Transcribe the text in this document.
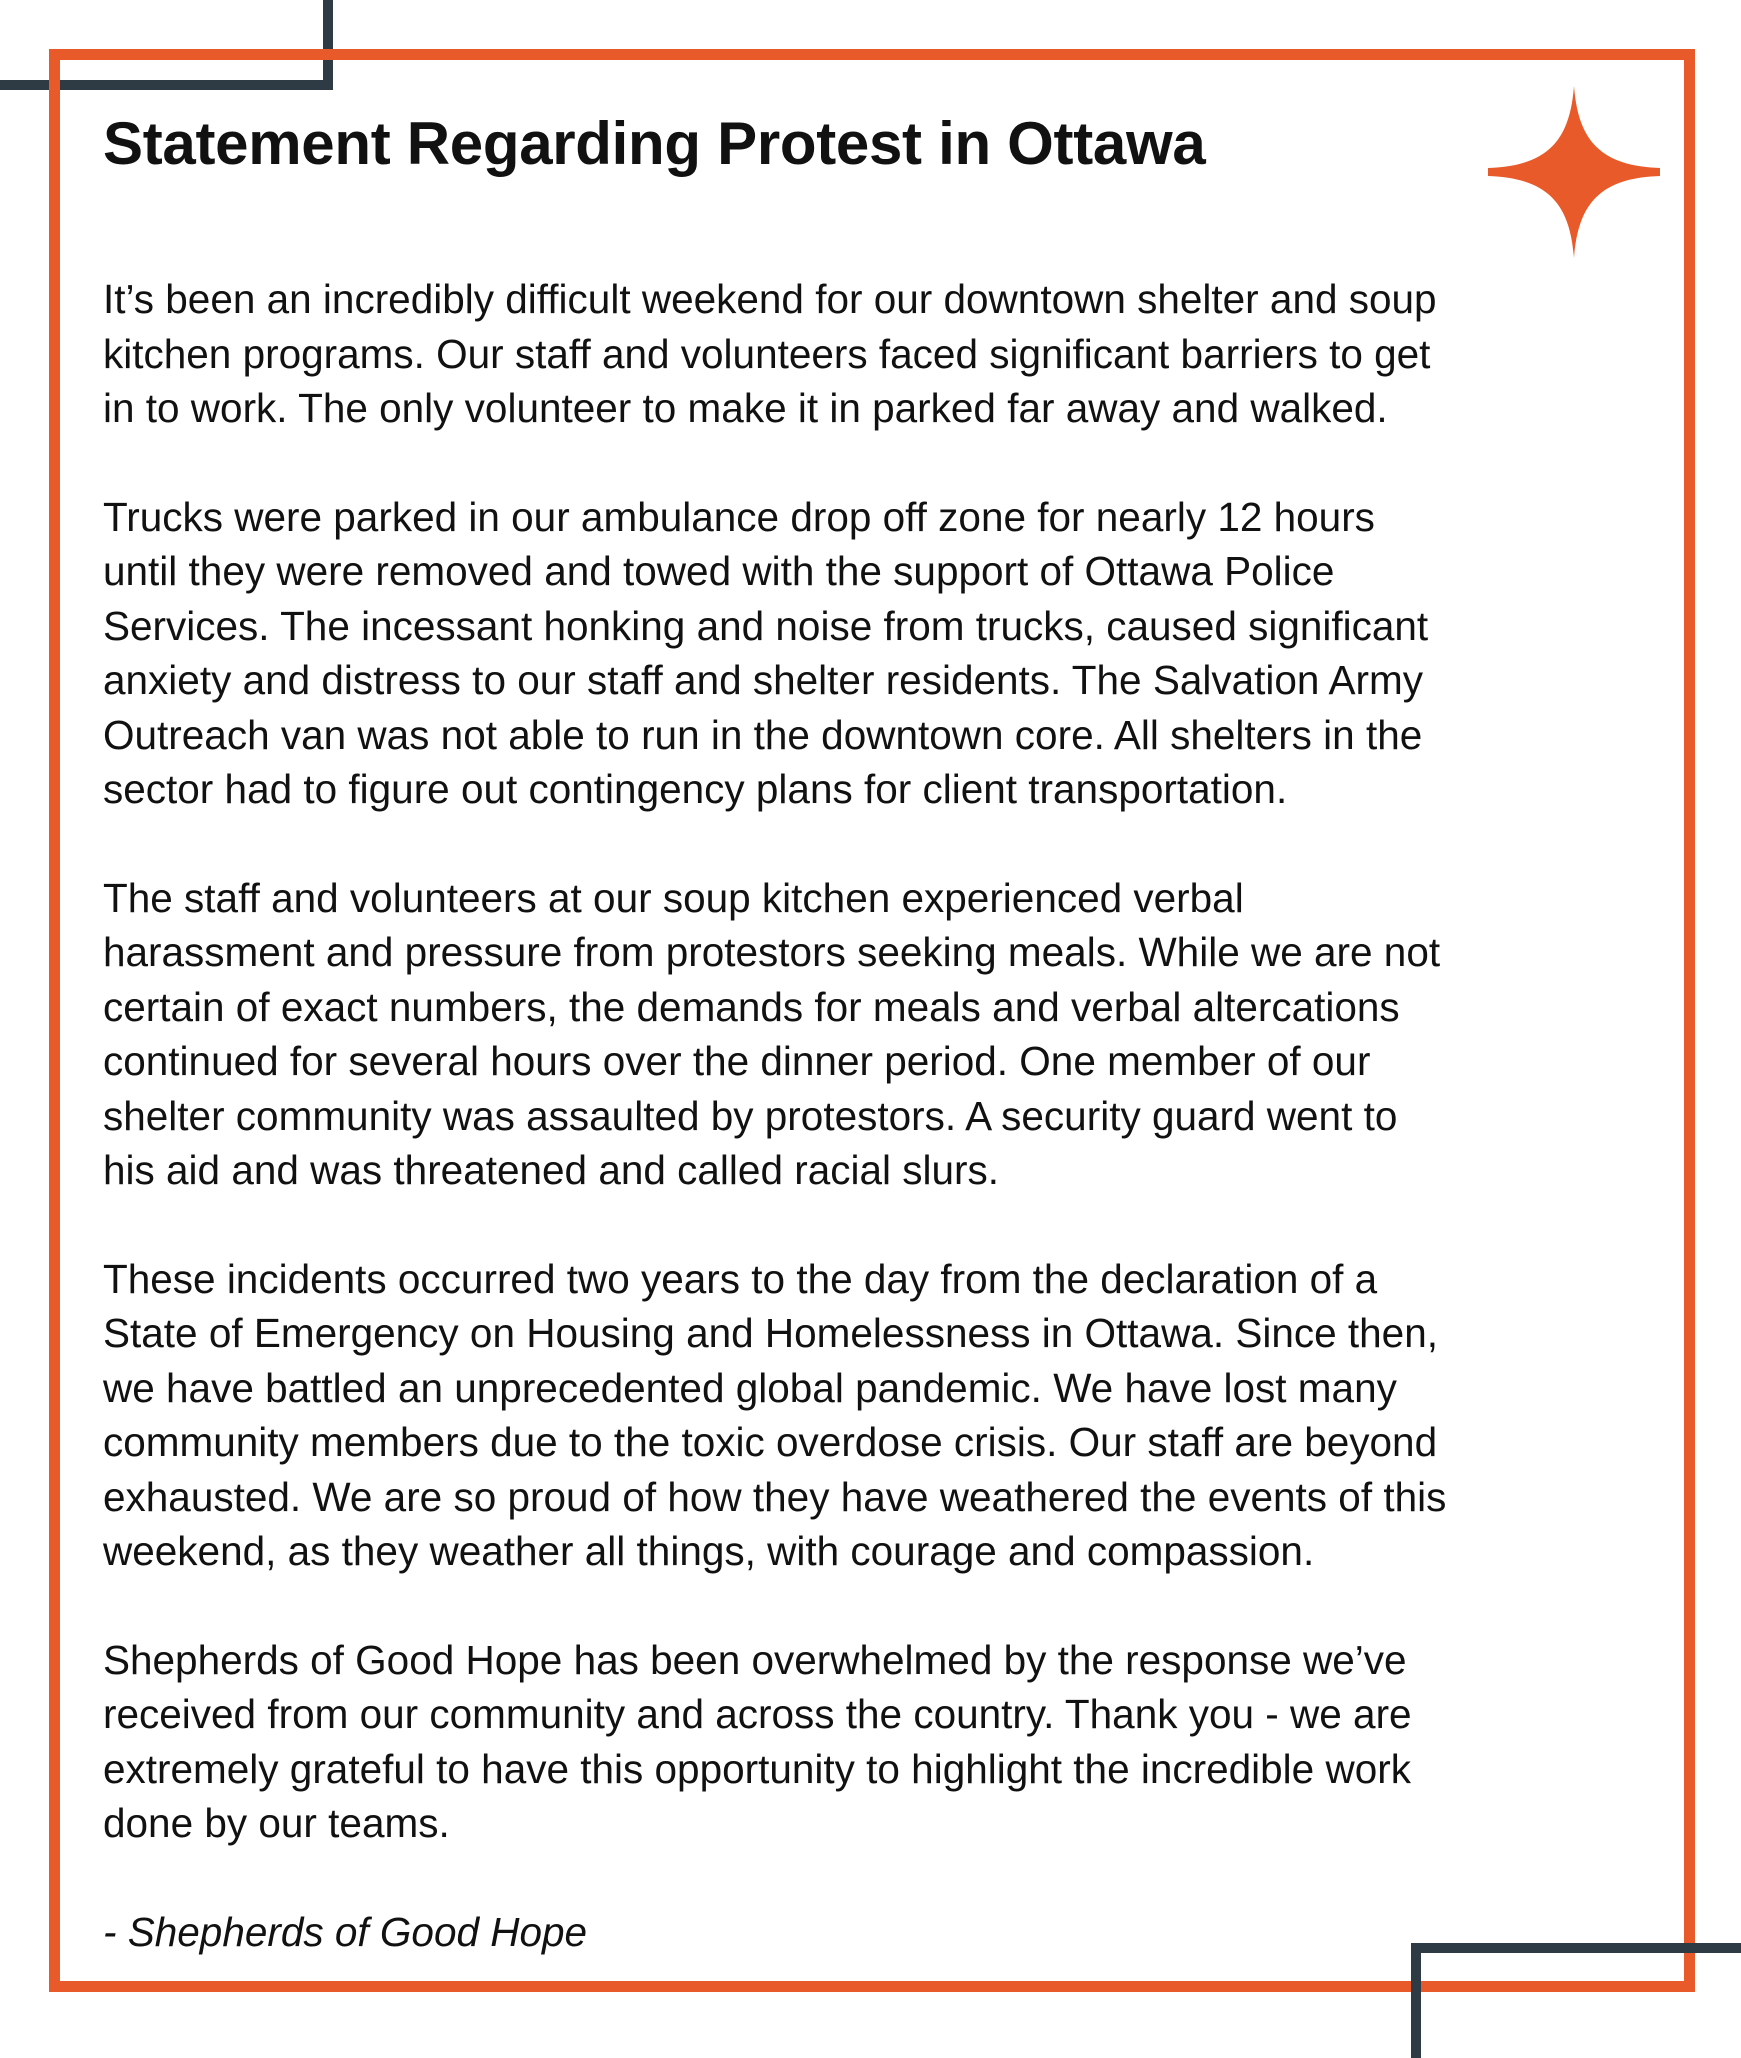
Statement Regarding Protest in Ottawa

It’s been an incredibly difficult weekend for our downtown shelter and soup
kitchen programs. Our staff and volunteers faced significant barriers to get
in to work. The only volunteer to make it in parked far away and walked.

Trucks were parked in our ambulance drop off zone for nearly 12 hours
until they were removed and towed with the support of Ottawa Police
Services. The incessant honking and noise from trucks, caused significant
anxiety and distress to our staff and shelter residents. The Salvation Army
Outreach van was not able to run in the downtown core. All shelters in the
sector had to figure out contingency plans for client transportation.

The staff and volunteers at our soup kitchen experienced verbal
harassment and pressure from protestors seeking meals. While we are not
certain of exact numbers, the demands for meals and verbal altercations
continued for several hours over the dinner period. One member of our
shelter community was assaulted by protestors. A security guard went to
his aid and was threatened and called racial slurs.

These incidents occurred two years to the day from the declaration of a
State of Emergency on Housing and Homelessness in Ottawa. Since then,
we have battled an unprecedented global pandemic. We have lost many
community members due to the toxic overdose crisis. Our staff are beyond
exhausted. We are so proud of how they have weathered the events of this
weekend, as they weather all things, with courage and compassion.

Shepherds of Good Hope has been overwhelmed by the response we’ve
received from our community and across the country. Thank you - we are
extremely grateful to have this opportunity to highlight the incredible work
done by our teams.

- Shepherds of Good Hope
